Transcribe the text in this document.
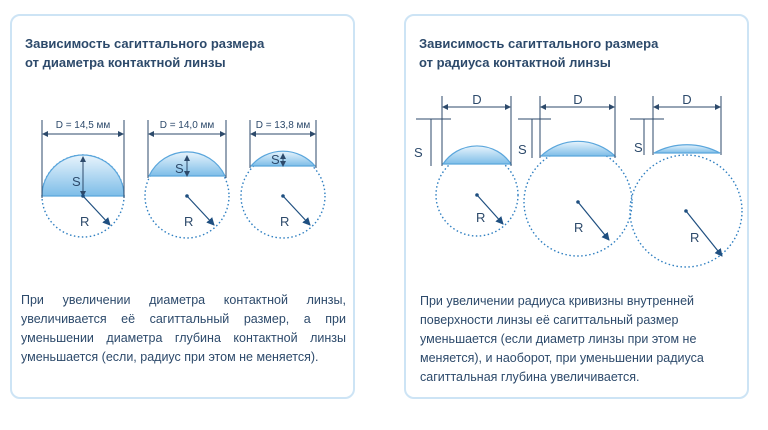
Зависимость сагиттального размера
от диаметра контактной линзы
D = 14,5 мм
S
R
D = 14,0 мм
S
R
D = 13,8 мм
S
R
При увеличении диаметра контактной линзы, увеличивается её сагиттальный размер, а при уменьшении диаметра глубина контактной линзы уменьшается (если, радиус при этом не меняется).
Зависимость сагиттального размера
от радиуса контактной линзы
D
S
R
D
S
R
D
S
R
При увеличении радиуса кривизны внутренней поверхности линзы её сагиттальный размер уменьшается (если диаметр линзы при этом не меняется), и наоборот, при уменьшении радиуса сагиттальная глубина увеличивается.
